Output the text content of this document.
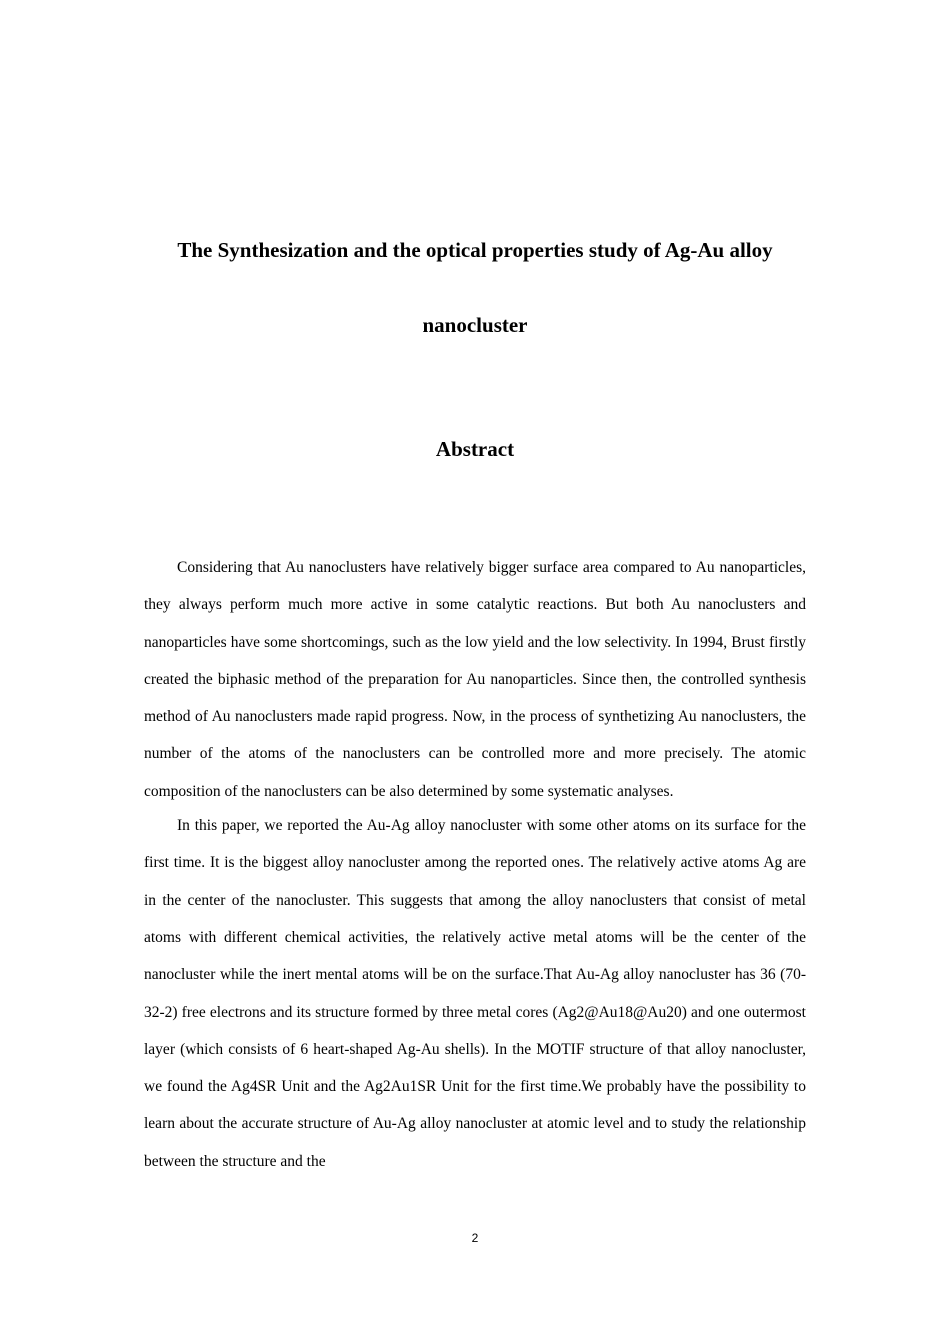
The Synthesization and the optical properties study of Ag-Au alloy
nanocluster
Abstract

Considering that Au nanoclusters have relatively bigger surface area compared to Au nanoparticles, they always perform much more active in some catalytic reactions. But both Au nanoclusters and nanoparticles have some shortcomings, such as the low yield and the low selectivity. In 1994, Brust firstly created the biphasic method of the preparation for Au nanoparticles. Since then, the controlled synthesis method of Au nanoclusters made rapid progress. Now, in the process of synthetizing Au nanoclusters, the number of the atoms of the nanoclusters can be controlled more and more precisely. The atomic composition of the nanoclusters can be also determined by some systematic analyses.

In this paper, we reported the Au-Ag alloy nanocluster with some other atoms on its surface for the first time. It is the biggest alloy nanocluster among the reported ones. The relatively active atoms Ag are in the center of the nanocluster. This suggests that among the alloy nanoclusters that consist of metal atoms with different chemical activities, the relatively active metal atoms will be the center of the nanocluster while the inert mental atoms will be on the surface.That Au-Ag alloy nanocluster has 36 (70-32-2) free electrons and its structure formed by three metal cores (Ag2@Au18@Au20) and one outermost layer (which consists of 6 heart-shaped Ag-Au shells). In the MOTIF structure of that alloy nanocluster, we found the Ag4SR Unit and the Ag2Au1SR Unit for the first time.We probably have the possibility to learn about the accurate structure of Au-Ag alloy nanocluster at atomic level and to study the relationship between the structure and the

2
